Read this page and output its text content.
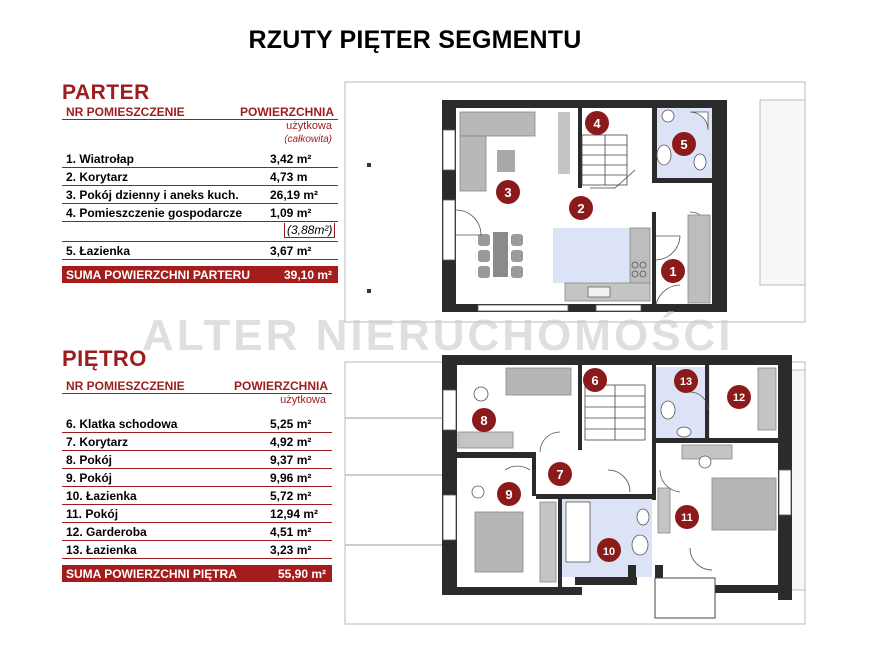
RZUTY PIĘTER SEGMENTU
PARTER
NR POMIESZCZENIE	POWIERZCHNIA
użytkowa
(całkowita)
1. Wiatrołap	3,42 m²
2. Korytarz	4,73 m
3. Pokój dzienny i aneks kuch.	26,19 m²
4. Pomieszczenie gospodarcze 1,09 m²
(3,88m²)
5. Łazienka	3,67 m²
SUMA POWIERZCHNI PARTERU	39,10 m²
PIĘTRO
NR POMIESZCZENIE	POWIERZCHNIA
użytkowa
6. Klatka schodowa	5,25 m²
7. Korytarz	4,92 m²
8. Pokój	9,37 m²
9. Pokój	9,96 m²
10. Łazienka	5,72 m²
11. Pokój	12,94 m²
12. Garderoba	4,51 m²
13. Łazienka	3,23 m²
SUMA POWIERZCHNI PIĘTRA	55,90 m²
ALTER NIERUCHOMOŚCI
1
2
3
4
5
6
7
8
9
10
11
12
13
